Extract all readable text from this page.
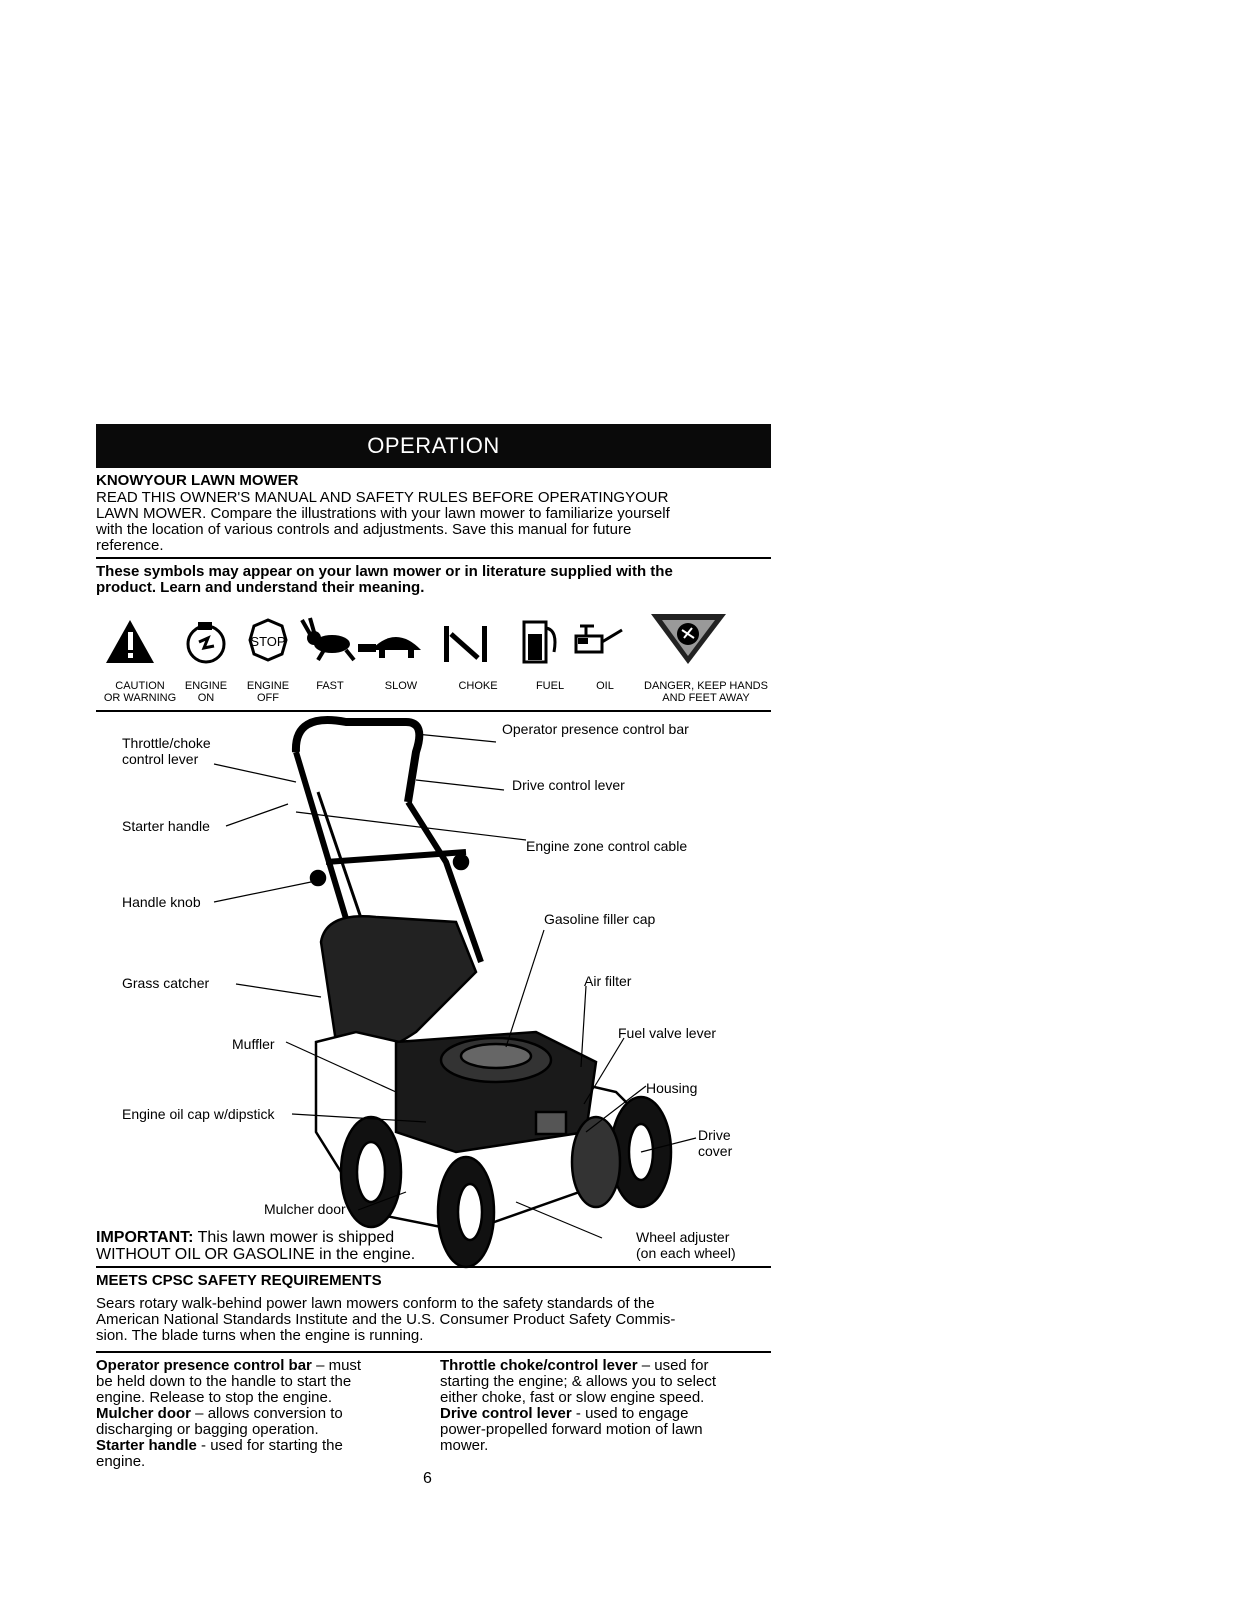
OPERATION
KNOWYOUR LAWN MOWER
READ THIS OWNER'S MANUAL AND SAFETY RULES BEFORE OPERATINGYOUR
LAWN MOWER. Compare the illustrations with your lawn mower to familiarize yourself
with the location of various controls and adjustments. Save this manual for future
reference.
These symbols may appear on your lawn mower or in literature supplied with the
product. Learn and understand their meaning.
STOP
CAUTION
OR WARNING
ENGINE
ON
ENGINE
OFF
FAST	SLOW	CHOKE	FUEL	OIL	DANGER, KEEP HANDS
AND FEET AWAY
Throttle/choke
control lever
Operator presence control bar
Drive control lever
Starter handle
Engine zone control cable
Handle knob
Gasoline filler cap
Grass catcher	Air filter
Fuel valve lever
Muffler
Housing
Engine oil cap w/dipstick
Drive
cover
Mulcher door
Wheel adjuster
(on each wheel)
IMPORTANT: This lawn mower is shipped
WITHOUT OIL OR GASOLINE in the engine.
MEETS CPSC SAFETY REQUIREMENTS
Sears rotary walk-behind power lawn mowers conform to the safety standards of the
American National Standards Institute and the U.S. Consumer Product Safety Commis-
sion. The blade turns when the engine is running.
Operator presence control bar – must
be held down to the handle to start the
engine. Release to stop the engine.
Mulcher door – allows conversion to
discharging or bagging operation.
Starter handle - used for starting the
engine.
Throttle choke/control lever – used for
starting the engine; & allows you to select
either choke, fast or slow engine speed.
Drive control lever - used to engage
power-propelled forward motion of lawn
mower.
6
